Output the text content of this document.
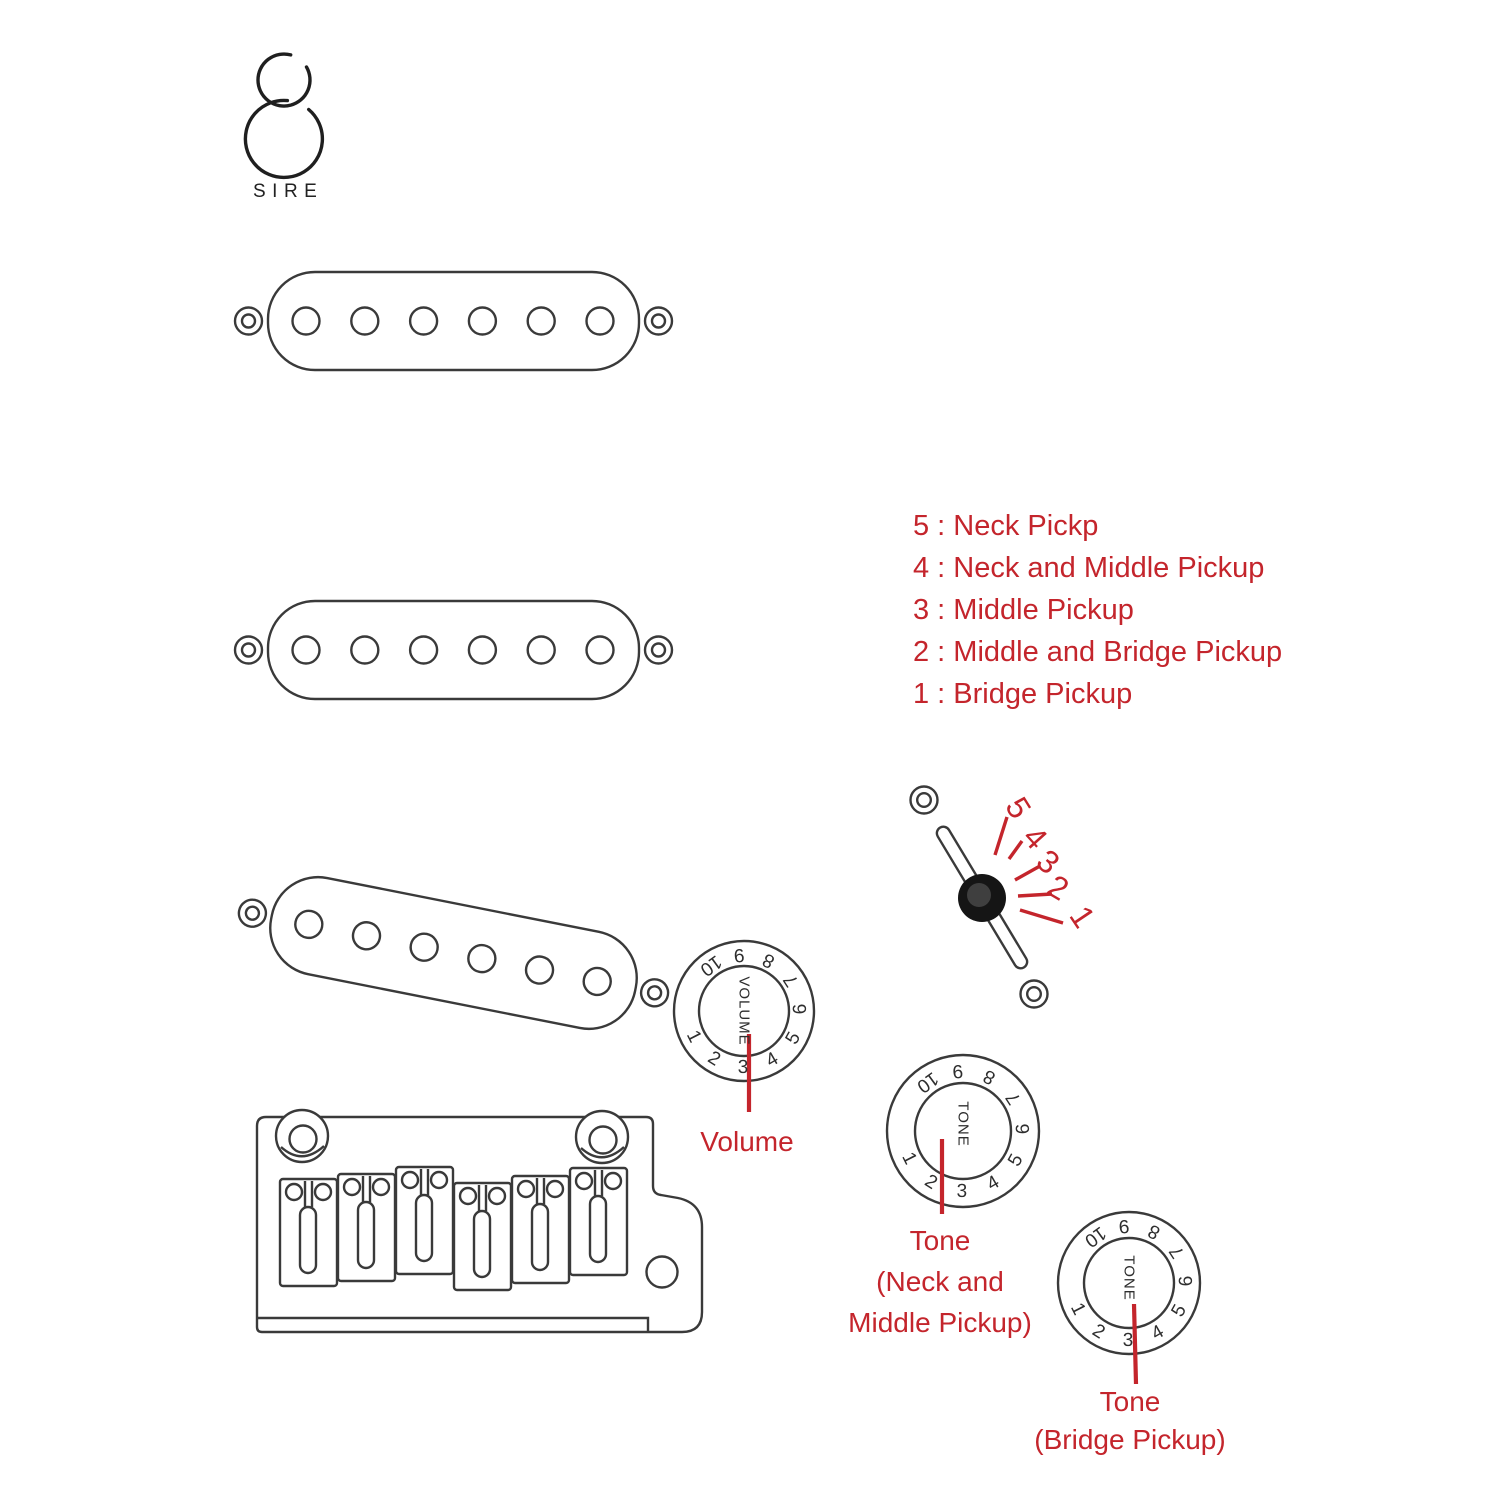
SIRE
5 : Neck Pickp
4 : Neck and Middle Pickup
3 : Middle Pickup
2 : Middle and Bridge Pickup
1 : Bridge Pickup
5
4
3
2
1
1
2 3 4
5
6
7
8
9
10
1
2 3 4
5
6
7
8
9
10
1
2 3 4
5
6
7
8
9
10
VOLUME
TONE
TONE
Volume
Tone
(Neck and
Middle Pickup)
Tone
(Bridge Pickup)
